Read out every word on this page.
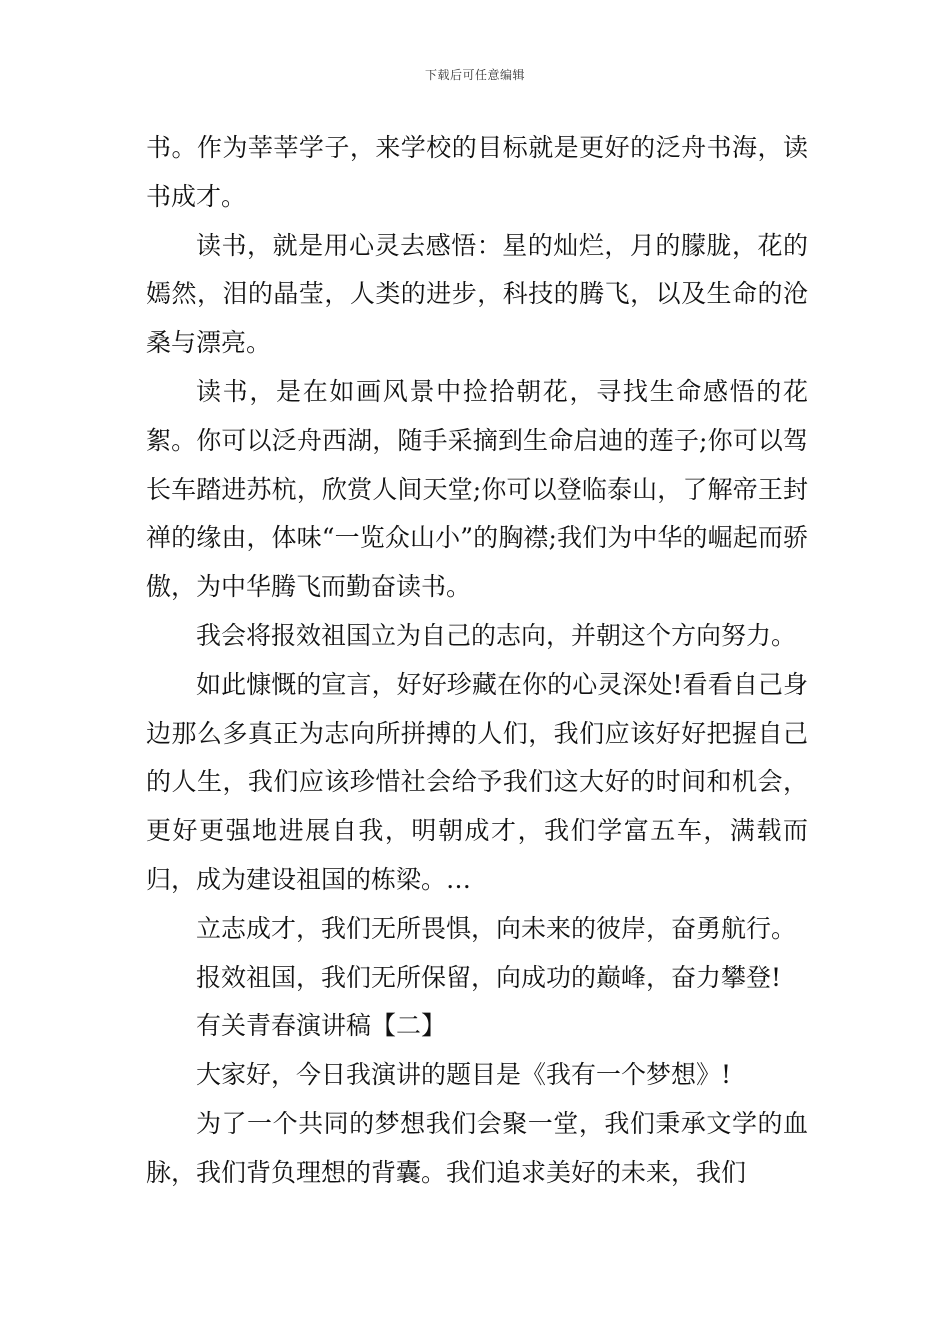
下载后可任意编辑

书。作为莘莘学子，来学校的目标就是更好的泛舟书海，读书成才。

读书，就是用心灵去感悟：星的灿烂，月的朦胧，花的嫣然，泪的晶莹，人类的进步，科技的腾飞，以及生命的沧桑与漂亮。

读书，是在如画风景中捡拾朝花，寻找生命感悟的花絮。你可以泛舟西湖，随手采摘到生命启迪的莲子;你可以驾长车踏进苏杭，欣赏人间天堂;你可以登临泰山，了解帝王封禅的缘由，体味“一览众山小”的胸襟;我们为中华的崛起而骄傲，为中华腾飞而勤奋读书。

我会将报效祖国立为自己的志向，并朝这个方向努力。

如此慷慨的宣言，好好珍藏在你的心灵深处!看看自己身边那么多真正为志向所拼搏的人们，我们应该好好把握自己的人生，我们应该珍惜社会给予我们这大好的时间和机会，更好更强地进展自我，明朝成才，我们学富五车，满载而归，成为建设祖国的栋梁。…

立志成才，我们无所畏惧，向未来的彼岸，奋勇航行。

报效祖国，我们无所保留，向成功的巅峰，奋力攀登!

有关青春演讲稿【二】

大家好，今日我演讲的题目是《我有一个梦想》!

为了一个共同的梦想我们会聚一堂，我们秉承文学的血脉，我们背负理想的背囊。我们追求美好的未来，我们
